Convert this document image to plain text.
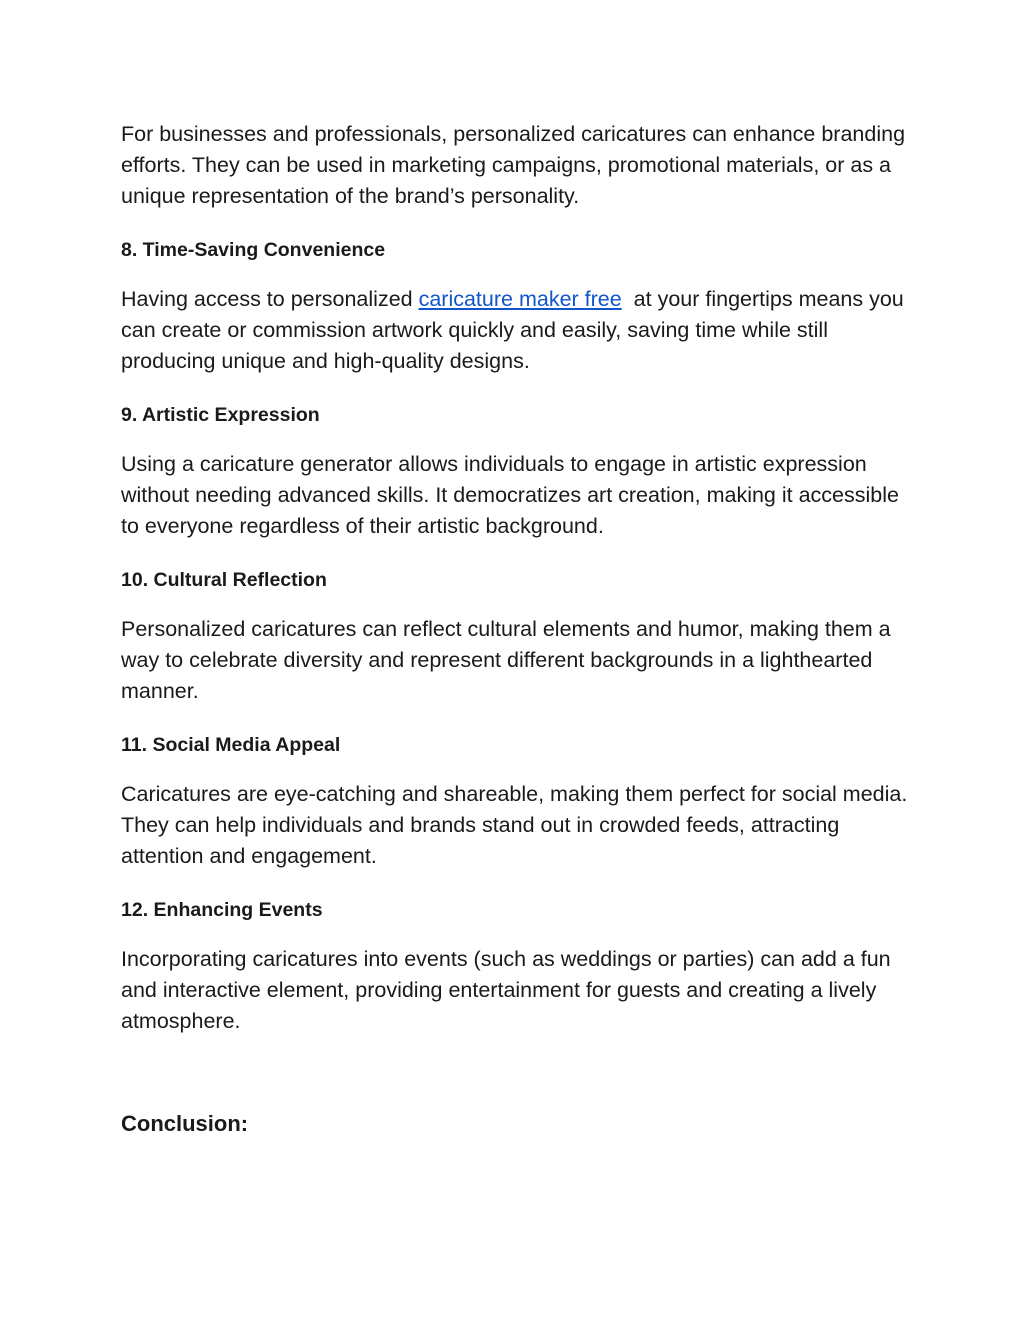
For businesses and professionals, personalized caricatures can enhance branding efforts. They can be used in marketing campaigns, promotional materials, or as a unique representation of the brand’s personality.

8. Time-Saving Convenience

Having access to personalized caricature maker free  at your fingertips means you can create or commission artwork quickly and easily, saving time while still producing unique and high-quality designs.

9. Artistic Expression

Using a caricature generator allows individuals to engage in artistic expression without needing advanced skills. It democratizes art creation, making it accessible to everyone regardless of their artistic background.

10. Cultural Reflection

Personalized caricatures can reflect cultural elements and humor, making them a way to celebrate diversity and represent different backgrounds in a lighthearted manner.

11. Social Media Appeal

Caricatures are eye-catching and shareable, making them perfect for social media. They can help individuals and brands stand out in crowded feeds, attracting attention and engagement.

12. Enhancing Events

Incorporating caricatures into events (such as weddings or parties) can add a fun and interactive element, providing entertainment for guests and creating a lively atmosphere.

Conclusion:
